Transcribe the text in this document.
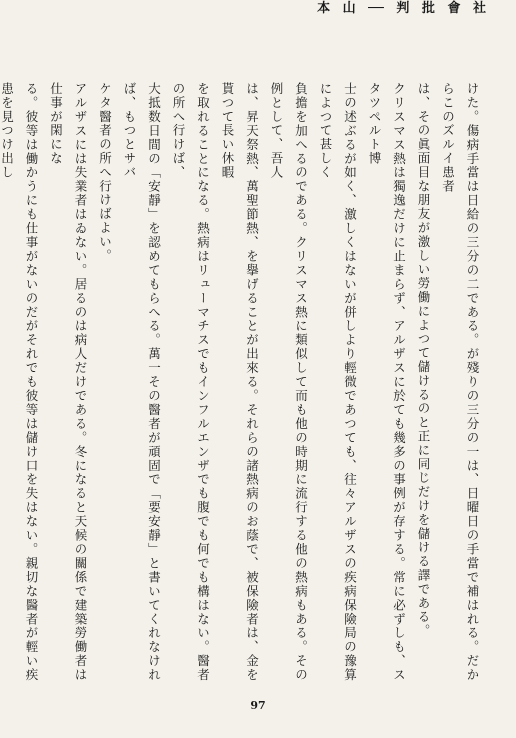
社 會 批 判 ── 山 本

けた。傷病手當は日給の三分の二である。が殘りの三分の一は、日曜日の手當で補はれる。だからこのズルイ患者

は、その眞面目な朋友が激しい勞働によつて儲けるのと正に同じだけを儲ける譯である。

クリスマス熱は獨逸だけに止まらず、アルザスに於ても幾多の事例が存する。常に必ずしも、スタツペルト博

士の述ぶるが如く、激しくはないが併しより輕微であつても、往々アルザスの疾病保險局の豫算によつて甚しく

負擔を加へるのである。クリスマス熱に類似して而も他の時期に流行する他の熱病もある。その例として、吾人

は、昇天祭熱、萬聖節熱、を擧げることが出來る。それらの諸熱病のお蔭で、被保險者は、金を貰つて長い休暇

を取れることになる。熱病はリューマチスでもインフルエンザでも腹でも何でも構はない。醫者の所へ行けば、

大抵数日間の「安靜」を認めてもらへる。萬一その醫者が頑固で「要安靜」と書いてくれなければ、もつとサバ

ケタ醫者の所へ行けばよい。

アルザスには失業者はゐない。居るのは病人だけである。冬になると天候の關係で建築勞働者は仕事が閑にな

る。彼等は働かうにも仕事がないのだがそれでも彼等は儲け口を失はない。親切な醫者が輕い疾患を見つけ出し

97
